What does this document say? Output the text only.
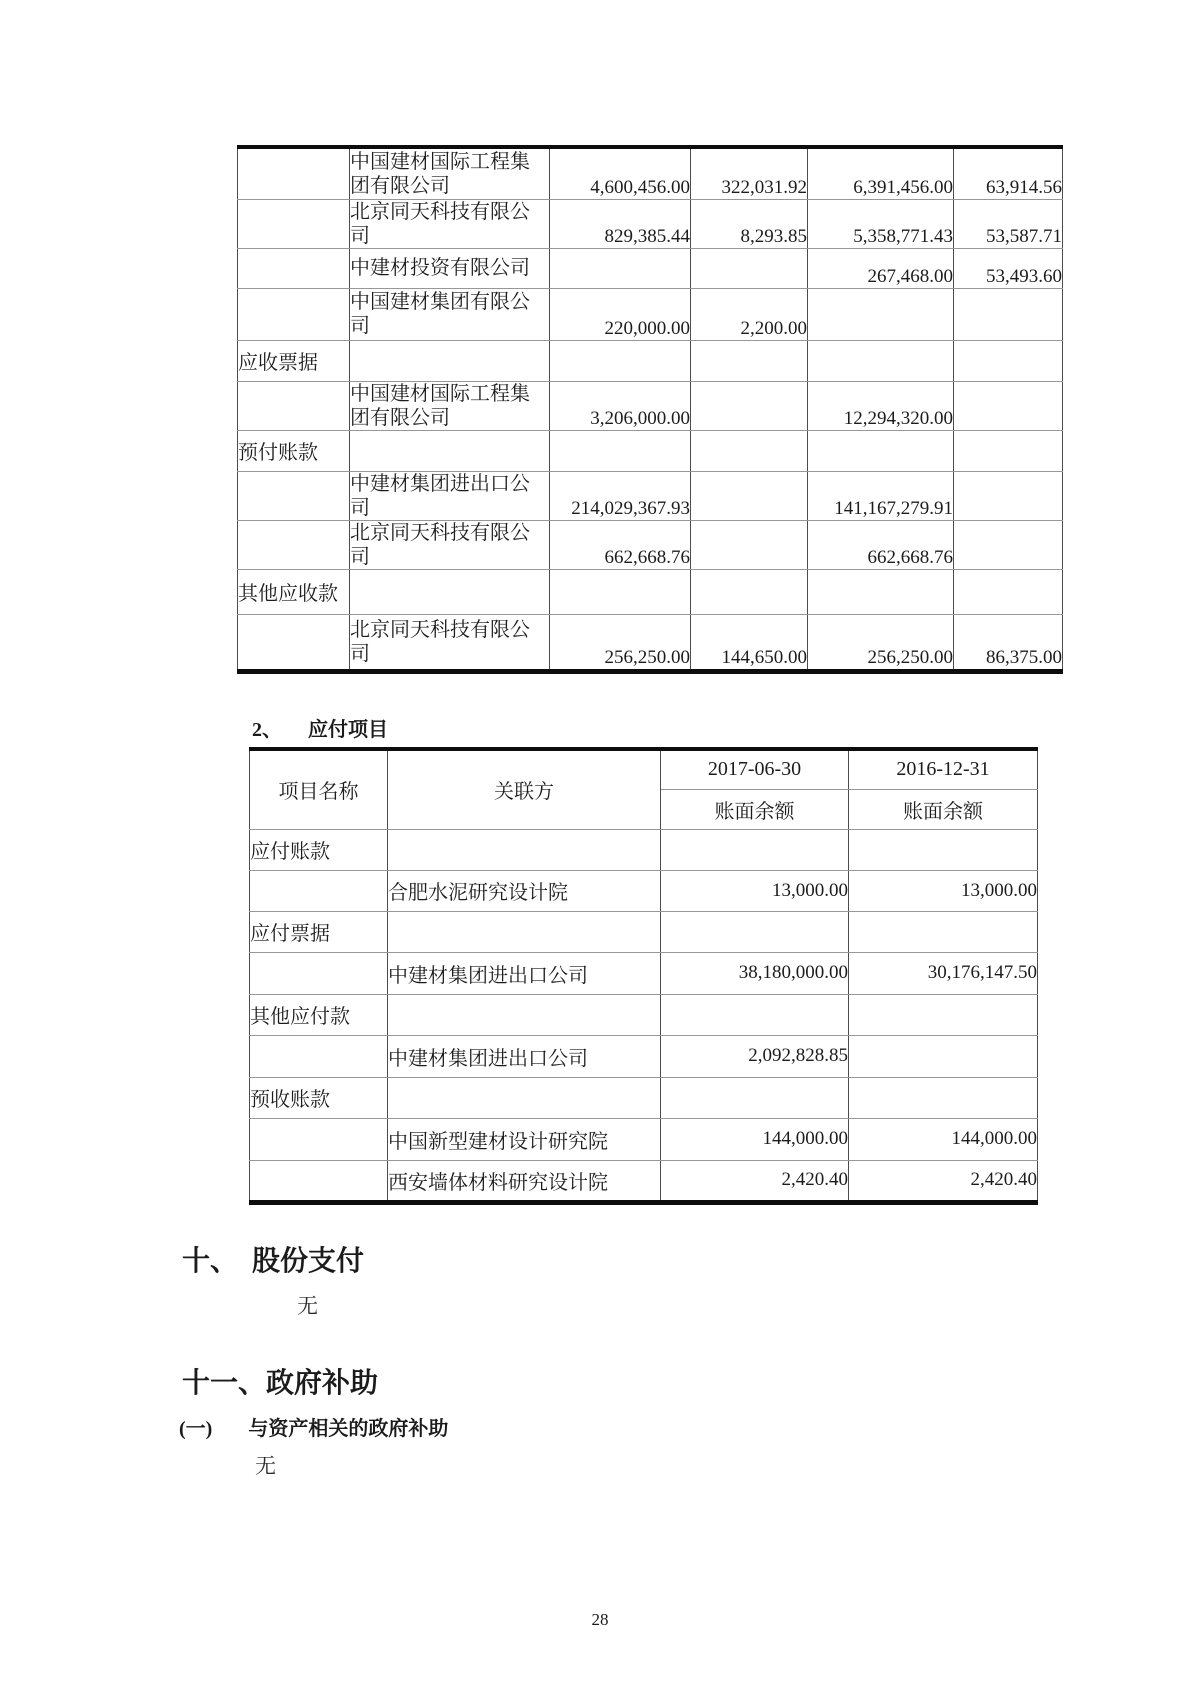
	中国建材国际工程集团有限公司	4,600,456.00	322,031.92	6,391,456.00	63,914.56
	北京同天科技有限公司	829,385.44	8,293.85	5,358,771.43	53,587.71
	中建材投资有限公司			267,468.00	53,493.60
	中国建材集团有限公司	220,000.00	2,200.00		
应收票据					
	中国建材国际工程集团有限公司	3,206,000.00		12,294,320.00	
预付账款					
	中建材集团进出口公司	214,029,367.93		141,167,279.91	
	北京同天科技有限公司	662,668.76		662,668.76	
其他应收款					
	北京同天科技有限公司	256,250.00	144,650.00	256,250.00	86,375.00
2、 应付项目
项目名称	关联方	2017-06-30	2016-12-31
		账面余额	账面余额
应付账款			
	合肥水泥研究设计院	13,000.00	13,000.00
应付票据			
	中建材集团进出口公司	38,180,000.00	30,176,147.50
其他应付款			
	中建材集团进出口公司	2,092,828.85	
预收账款			
	中国新型建材设计研究院	144,000.00	144,000.00
	西安墙体材料研究设计院	2,420.40	2,420.40
十、 股份支付
无
十一、政府补助
(一) 与资产相关的政府补助
无
28
